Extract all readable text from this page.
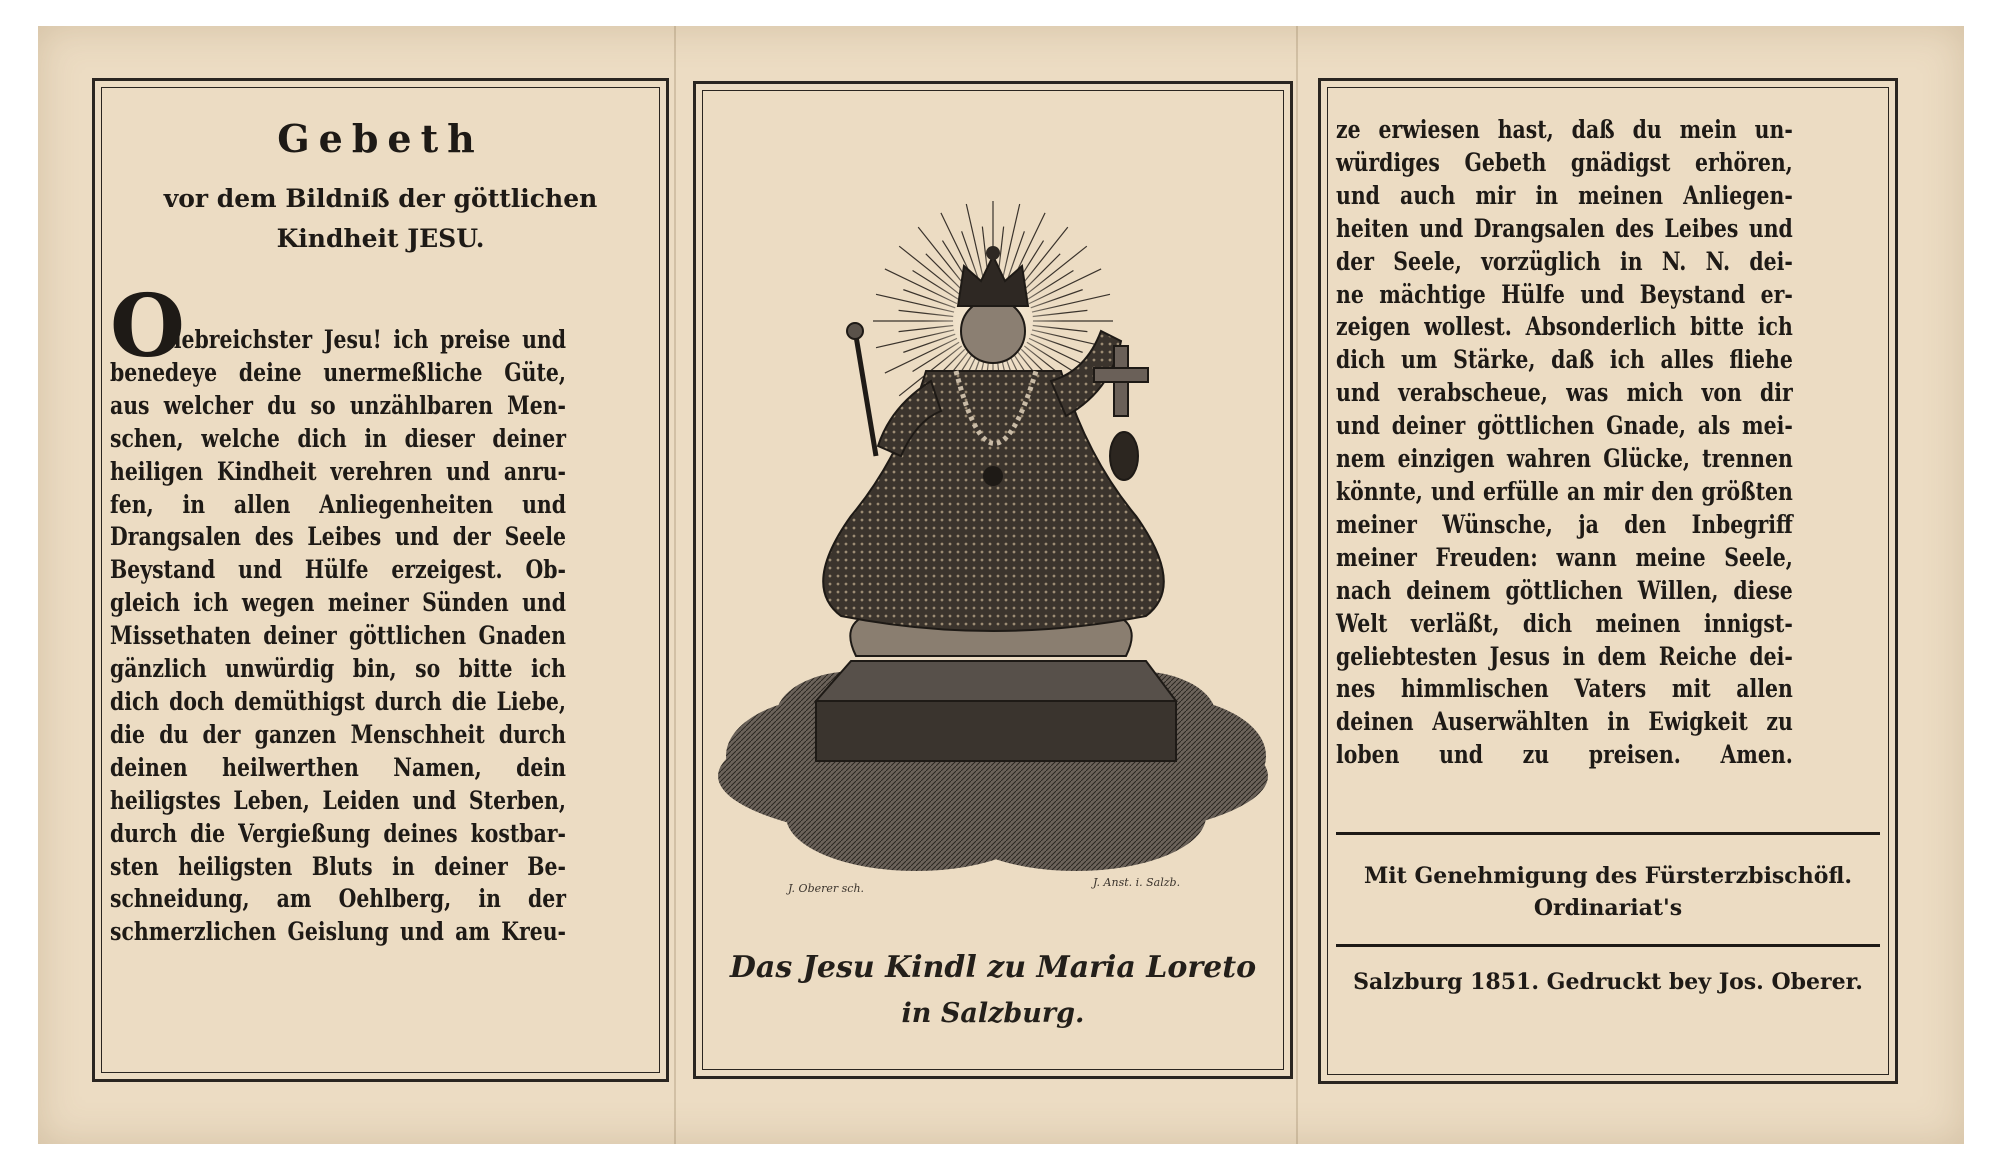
Gebeth

vor dem Bildniß der göttlichen

Kindheit JESU.

O
liebreichster Jesu! ich preise und
benedeye deine unermeßliche Güte,
aus welcher du so unzählbaren Men-
schen, welche dich in dieser deiner
heiligen Kindheit verehren und anru-
fen, in allen Anliegenheiten und
Drangsalen des Leibes und der Seele
Beystand und Hülfe erzeigest. Ob-
gleich ich wegen meiner Sünden und
Missethaten deiner göttlichen Gnaden
gänzlich unwürdig bin, so bitte ich
dich doch demüthigst durch die Liebe,
die du der ganzen Menschheit durch
deinen heilwerthen Namen, dein
heiligstes Leben, Leiden und Sterben,
durch die Vergießung deines kostbar-
sten heiligsten Bluts in deiner Be-
schneidung, am Oehlberg, in der
schmerzlichen Geislung und am Kreu-
J. Oberer sch.	J. Anst. i. Salzb.
Das Jesu Kindl zu Maria Loreto
in Salzburg.
ze erwiesen hast, daß du mein un-
würdiges Gebeth gnädigst erhören,
und auch mir in meinen Anliegen-
heiten und Drangsalen des Leibes und
der Seele, vorzüglich in N. N. dei-
ne mächtige Hülfe und Beystand er-
zeigen wollest. Absonderlich bitte ich
dich um Stärke, daß ich alles fliehe
und verabscheue, was mich von dir
und deiner göttlichen Gnade, als mei-
nem einzigen wahren Glücke, trennen
könnte, und erfülle an mir den größten
meiner Wünsche, ja den Inbegriff
meiner Freuden: wann meine Seele,
nach deinem göttlichen Willen, diese
Welt verläßt, dich meinen innigst-
geliebtesten Jesus in dem Reiche dei-
nes himmlischen Vaters mit allen
deinen Auserwählten in Ewigkeit zu
loben und zu preisen. Amen.
Mit Genehmigung des Fürsterzbischöfl.
Ordinariat's
Salzburg 1851. Gedruckt bey Jos. Oberer.
